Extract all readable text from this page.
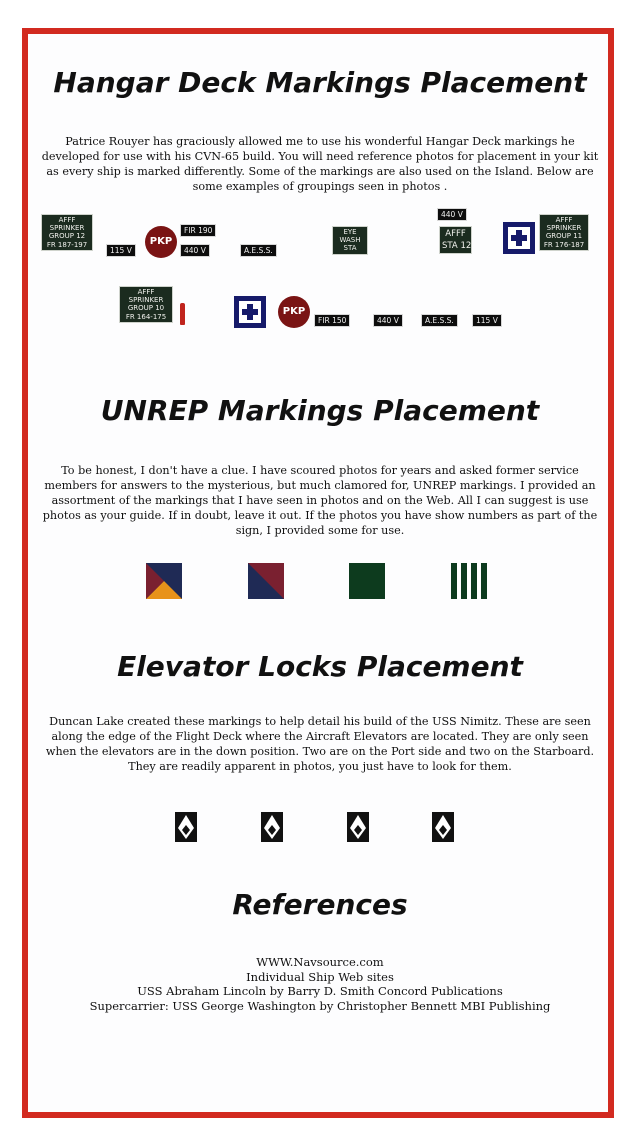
Hangar Deck Markings Placement
Patrice Rouyer has graciously allowed me to use his wonderful Hangar Deck markings he developed for use with his CVN-65 build. You will need reference photos for placement in your kit as every ship is marked differently. Some of the markings are also used on the Island. Below are some examples of groupings seen in photos .
AFFF
SPRINKER
GROUP 12
FR 187-197
115 V
PKP
FIR 190
440 V	A.E.S.S.
EYE
WASH
STA
440 V
AFFF
STA 12
AFFF
SPRINKER
GROUP 11
FR 176-187
AFFF
SPRINKER
GROUP 10
FR 164-175	PKP
FIR 150	440 V	A.E.S.S.	115 V
UNREP Markings Placement
To be honest, I don't have a clue. I have scoured photos for years and asked former service members for answers to the mysterious, but much clamored for, UNREP markings. I provided an assortment of the markings that I have seen in photos and on the Web. All I can suggest is use photos as your guide. If in doubt, leave it out. If the photos you have show numbers as part of the sign, I provided some for use.
Elevator Locks Placement
Duncan Lake created these markings to help detail his build of the USS Nimitz. These are seen along the edge of the Flight Deck where the Aircraft Elevators are located. They are only seen when the elevators are in the down position. Two are on the Port side and two on the Starboard. They are readily apparent in photos, you just have to look for them.
References
WWW.Navsource.com
Individual Ship Web sites
USS Abraham Lincoln by Barry D. Smith Concord Publications
Supercarrier: USS George Washington by Christopher Bennett MBI Publishing
